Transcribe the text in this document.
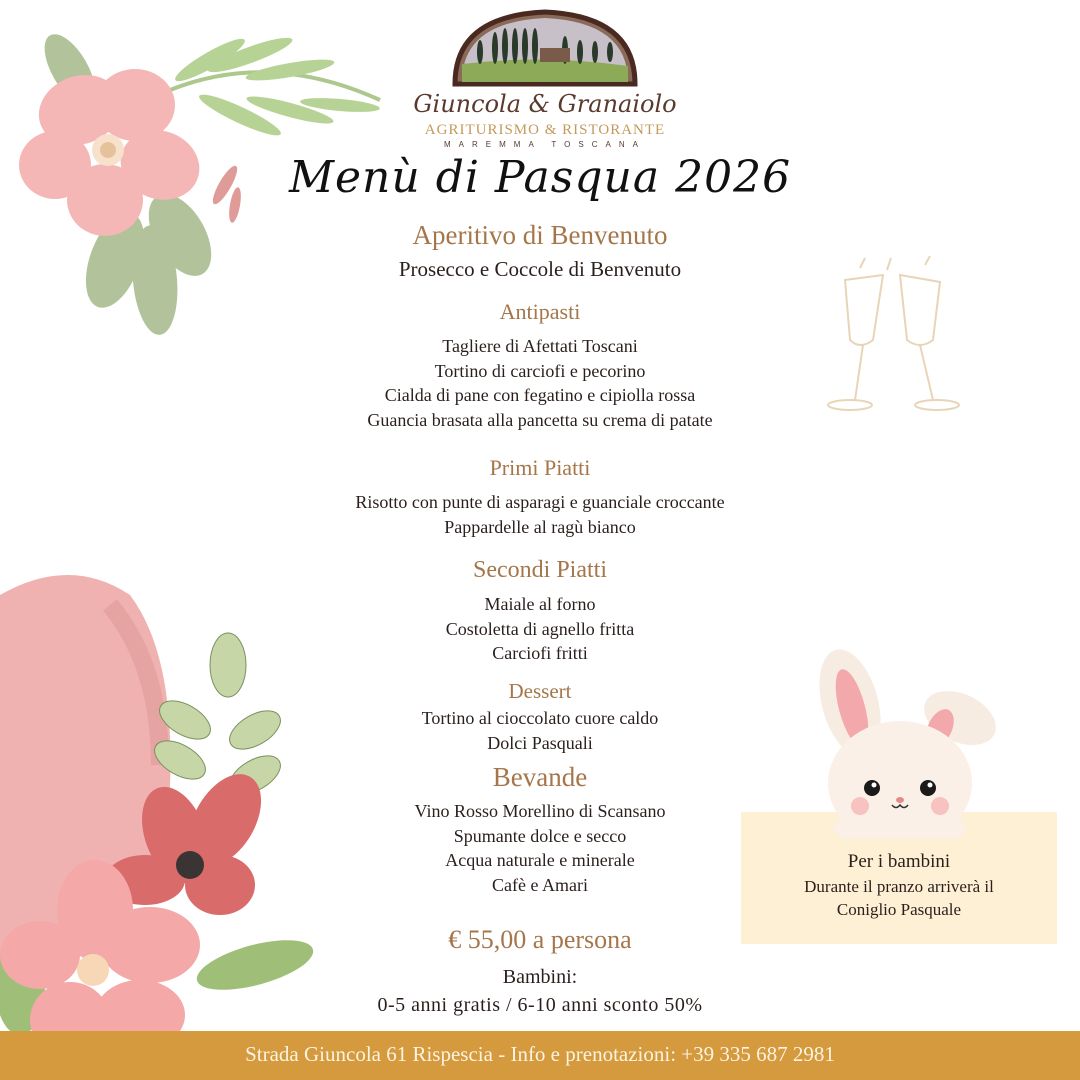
Giuncola & Granaiolo
AGRITURISMO & RISTORANTE
MAREMMA TOSCANA
Menù di Pasqua 2026
Aperitivo di Benvenuto
Prosecco e Coccole di Benvenuto
Antipasti
Tagliere di Afettati Toscani
Tortino di carciofi e pecorino
Cialda di pane con fegatino e cipiolla rossa
Guancia brasata alla pancetta su crema di patate
Primi Piatti
Risotto con punte di asparagi e guanciale croccante
Pappardelle al ragù bianco
Secondi Piatti
Maiale al forno
Costoletta di agnello fritta
Carciofi fritti
Dessert
Tortino al cioccolato cuore caldo
Dolci Pasquali
Bevande
Vino Rosso Morellino di Scansano
Spumante dolce e secco
Acqua naturale e minerale
Cafè e Amari
€ 55,00 a persona
Bambini:
0-5 anni gratis / 6-10 anni sconto 50%
Per i bambini
Durante il pranzo arriverà il
Coniglio Pasquale
Strada Giuncola 61 Rispescia - Info e prenotazioni: +39 335 687 2981
